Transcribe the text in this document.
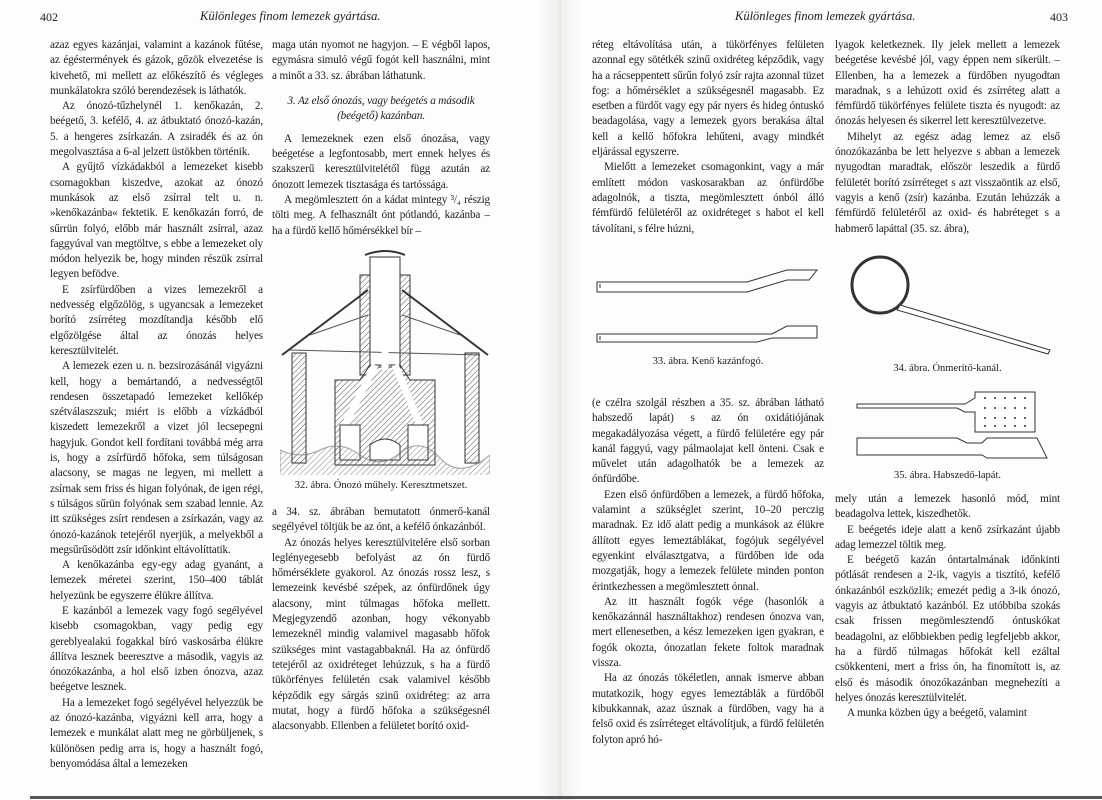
402	Különleges finom lemezek gyártása.

azaz egyes kazánjai, valamint a kazánok fűtése, az égéstermények és gázok, gőzök elvezetése is kivehető, mi mellett az előkészítő és végleges munkálatokra szóló berendezések is láthatók.

Az ónozó-tűzhelynél 1. kenőkazán, 2. beégető, 3. kefélő, 4. az átbuktató ónozó-kazán, 5. a hengeres zsírkazán. A zsiradék és az ón megolvasztása a 6-al jelzett üstökben történik.

A gyűjtő vízkádakból a lemezeket kisebb csomagokban kiszedve, azokat az ónozó munkások az első zsírral telt u. n. »kenőkazánba« fektetik. E kenőkazán forró, de sűrrün folyó, előbb már használt zsírral, azaz faggyúval van megtöltve, s ebbe a lemezeket oly módon helyezik be, hogy minden részük zsírral legyen befödve.

E zsírfürdőben a vizes lemezekről a nedvesség elgőzölög, s ugyancsak a lemezeket borító zsírréteg mozdítandja később elő elgőzölgése által az ónozás helyes keresztülvitelét.

A lemezek ezen u. n. bezsirozásánál vigyázni kell, hogy a bemártandó, a nedvességtől rendesen összetapadó lemezeket kellőkép szétválaszszuk; miért is előbb a vízkádból kiszedett lemezekről a vizet jól lecsepegni hagyjuk. Gondot kell fordítani továbbá még arra is, hogy a zsírfürdő hőfoka, sem túlságosan alacsony, se magas ne legyen, mi mellett a zsírnak sem friss és higan folyónak, de igen régi, s túlságos sűrün folyónak sem szabad lennie. Az itt szükséges zsírt rendesen a zsírkazán, vagy az ónozó-kazánok tetejéről nyerjük, a melyekből a megsűrűsödött zsír időnkint eltávolíttatik.

A kenőkazánba egy-egy adag gyanánt, a lemezek méretei szerint, 150–400 táblát helyezünk be egyszerre élükre állítva.

E kazánból a lemezek vagy fogó segélyével kisebb csomagokban, vagy pedig egy gereblyealakú fogakkal bíró vaskosárba élükre állítva lesznek beeresztve a második, vagyis az ónozókazánba, a hol első izben ónozva, azaz beégetve lesznek.

Ha a lemezeket fogó segélyével helyezzük be az ónozó-kazánba, vigyázni kell arra, hogy a lemezek e munkálat alatt meg ne görbüljenek, s különösen pedig arra is, hogy a használt fogó, benyomódása által a lemezeken

maga után nyomot ne hagyjon. – E végből lapos, egymásra simuló végű fogót kell használni, mint a minőt a 33. sz. ábrában láthatunk.

3. Az első ónozás, vagy beégetés a második (beégető) kazánban.

A lemezeknek ezen első ónozása, vagy beégetése a legfontosabb, mert ennek helyes és szakszerű keresztülvitelétől függ azután az ónozott lemezek tisztasága és tartóssága.

A megömlesztett ón a kádat mintegy ³/₄ részig tölti meg. A felhasznált ónt pótlandó, kazánba – ha a fürdő kellő hőmérsékkel bír –

32. ábra. Ónozó műhely. Keresztmetszet.

a 34. sz. ábrában bemutatott ónmerő-kanál segélyével töltjük be az ónt, a kefélő ónkazánból.

Az ónozás helyes keresztülvitelére első sorban leglényegesebb befolyást az ón fürdő hőmérséklete gyakorol. Az ónozás rossz lesz, s lemezeink kevésbé szépek, az ónfürdőnek úgy alacsony, mint túlmagas hőfoka mellett. Megjegyzendő azonban, hogy vékonyabb lemezeknél mindig valamivel magasabb hőfok szükséges mint vastagabbaknál. Ha az ónfürdő tetejéről az oxidréteget lehúzzuk, s ha a fürdő tükörfényes felületén csak valamivel később képződik egy sárgás szinű oxidréteg: az arra mutat, hogy a fürdő hőfoka a szükségesnél alacsonyabb. Ellenben a felületet borító oxid-

Különleges finom lemezek gyártása.	403

réteg eltávolítása után, a tükörfényes felületen azonnal egy sötétkék szinű oxidréteg képződik, vagy ha a rácseppentett sűrűn folyó zsír rajta azonnal tüzet fog: a hőmérséklet a szükségesnél magasabb. Ez esetben a fürdőt vagy egy pár nyers és hideg óntuskó beadagolása, vagy a lemezek gyors berakása által kell a kellő hőfokra lehűteni, avagy mindkét eljárással egyszerre.

Mielőtt a lemezeket csomagonkint, vagy a már említett módon vaskosarakban az ónfürdőbe adagolnók, a tiszta, megömlesztett ónból álló fémfürdő felületéről az oxidréteget s habot el kell távolítani, s félre húzni,

33. ábra. Kenő kazánfogó.

(e czélra szolgál részben a 35. sz. ábrában látható habszedő lapát) s az ón oxidátiójának megakadályozása végett, a fürdő felületére egy pár kanál faggyú, vagy pálmaolajat kell önteni. Csak e művelet után adagolhatók be a lemezek az ónfürdőbe.

Ezen első ónfürdőben a lemezek, a fürdő hőfoka, valamint a szükséglet szerint, 10–20 perczig maradnak. Ez idő alatt pedig a munkások az élükre állított egyes lemeztáblákat, fogójuk segélyével egyenkint elválasztgatva, a fürdőben ide oda mozgatják, hogy a lemezek felülete minden ponton érintkezhessen a megömlesztett ónnal.

Az itt használt fogók vége (hasonlók a kenőkazánnál használtakhoz) rendesen ónozva van, mert ellenesetben, a kész lemezeken igen gyakran, e fogók okozta, ónozatlan fekete foltok maradnak vissza.

Ha az ónozás tökéletlen, annak ismerve abban mutatkozik, hogy egyes lemeztáblák a fürdőből kibukkannak, azaz úsznak a fürdőben, vagy ha a felső oxid és zsírréteget eltávolítjuk, a fürdő felületén folyton apró hó-

lyagok keletkeznek. Ily jelek mellett a lemezek beégetése kevésbé jól, vagy éppen nem sikerült. – Ellenben, ha a lemezek a fürdőben nyugodtan maradnak, s a lehúzott oxid és zsírréteg alatt a fémfürdő tükörfényes felülete tiszta és nyugodt: az ónozás helyesen és sikerrel lett keresztülvezetve.

Mihelyt az egész adag lemez az első ónozókazánba be lett helyezve s abban a lemezek nyugodtan maradtak, először leszedik a fürdő felületét borító zsírréteget s azt visszaöntik az első, vagyis a kenő (zsír) kazánba. Ezután lehúzzák a fémfürdő felületéről az oxid- és habréteget s a habmerő lapáttal (35. sz. ábra),

34. ábra. Ónmerítő-kanál.
35. ábra. Habszedő-lapát.

mely után a lemezek hasonló mód, mint beadagolva lettek, kiszedhetők.

E beégetés ideje alatt a kenő zsírkazánt újabb adag lemezzel töltik meg.

E beégető kazán óntartalmának időnkinti pótlását rendesen a 2-ik, vagyis a tisztító, kefélő ónkazánból eszközlik; emezét pedig a 3-ik ónozó, vagyis az átbuktató kazánból. Ez utóbbiba szokás csak frissen megömlesztendő óntuskókat beadagolni, az előbbiekben pedig legfeljebb akkor, ha a fürdő túlmagas hőfokát kell ezáltal csökkenteni, mert a friss ón, ha finomított is, az első és második ónozókazánban megnehezíti a helyes ónozás keresztülvitelét.

A munka közben úgy a beégető, valamint
